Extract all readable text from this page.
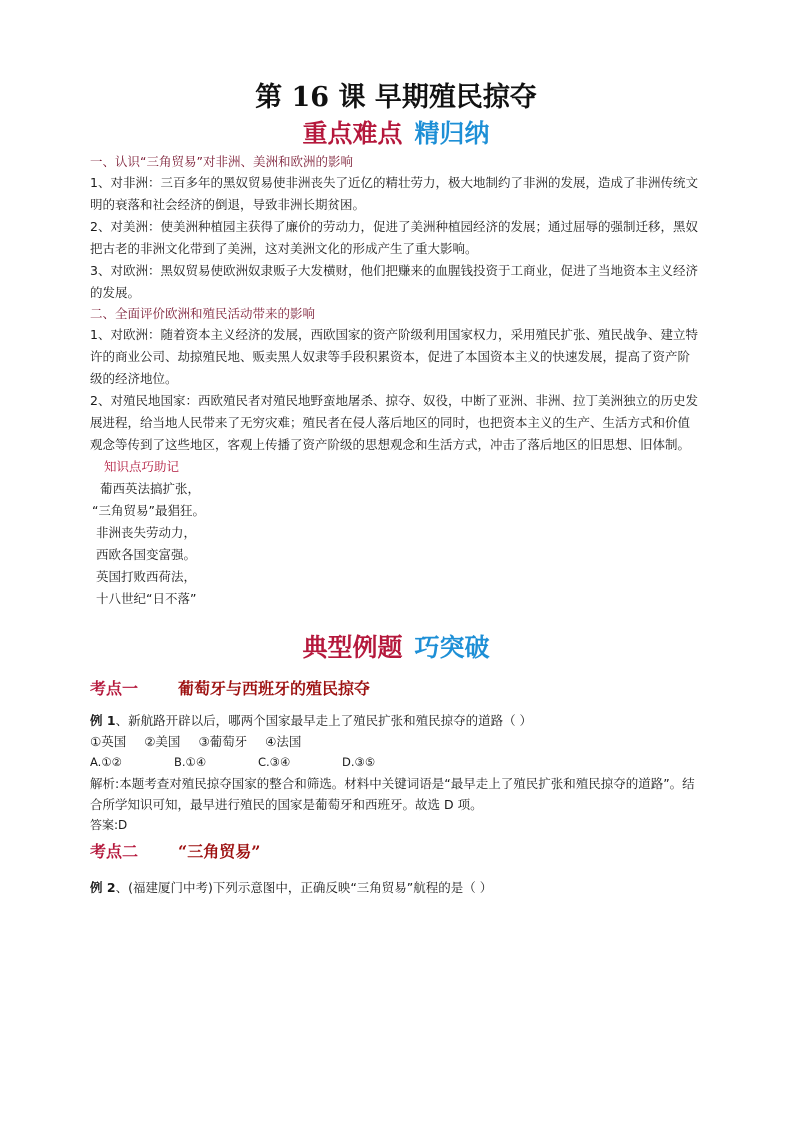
第 16 课 早期殖民掠夺
重点难点 精归纳
一、认识“三角贸易”对非洲、美洲和欧洲的影响

1、对非洲：三百多年的黑奴贸易使非洲丧失了近亿的精壮劳力，极大地制约了非洲的发展，造成了非洲传统文明的衰落和社会经济的倒退，导致非洲长期贫困。

2、对美洲：使美洲种植园主获得了廉价的劳动力，促进了美洲种植园经济的发展；通过屈辱的强制迁移，黑奴把古老的非洲文化带到了美洲，这对美洲文化的形成产生了重大影响。

3、对欧洲：黑奴贸易使欧洲奴隶贩子大发横财，他们把赚来的血腥钱投资于工商业，促进了当地资本主义经济的发展。

二、全面评价欧洲和殖民活动带来的影响

1、对欧洲：随着资本主义经济的发展，西欧国家的资产阶级利用国家权力，采用殖民扩张、殖民战争、建立特许的商业公司、劫掠殖民地、贩卖黑人奴隶等手段积累资本，促进了本国资本主义的快速发展，提高了资产阶级的经济地位。

2、对殖民地国家：西欧殖民者对殖民地野蛮地屠杀、掠夺、奴役，中断了亚洲、非洲、拉丁美洲独立的历史发展进程，给当地人民带来了无穷灾难；殖民者在侵人落后地区的同时，也把资本主义的生产、生活方式和价值观念等传到了这些地区，客观上传播了资产阶级的思想观念和生活方式，冲击了落后地区的旧思想、旧体制。

知识点巧助记
葡西英法搞扩张，
“三角贸易”最猖狂。
非洲丧失劳动力，
西欧各国变富强。
英国打败西荷法，
十八世纪“日不落”
典型例题 巧突破
考点一 葡萄牙与西班牙的殖民掠夺

例 1、新航路开辟以后，哪两个国家最早走上了殖民扩张和殖民掠夺的道路（ ）

①英国 ②美国 ③葡萄牙 ④法国
A.①②	B.①④	C.③④	D.③⑤

解析:本题考查对殖民掠夺国家的整合和筛选。材料中关键词语是“最早走上了殖民扩张和殖民掠夺的道路”。结合所学知识可知，最早进行殖民的国家是葡萄牙和西班牙。故选 D 项。

答案:D
考点二 “三角贸易”

例 2、(福建厦门中考)下列示意图中，正确反映“三角贸易”航程的是（ ）
